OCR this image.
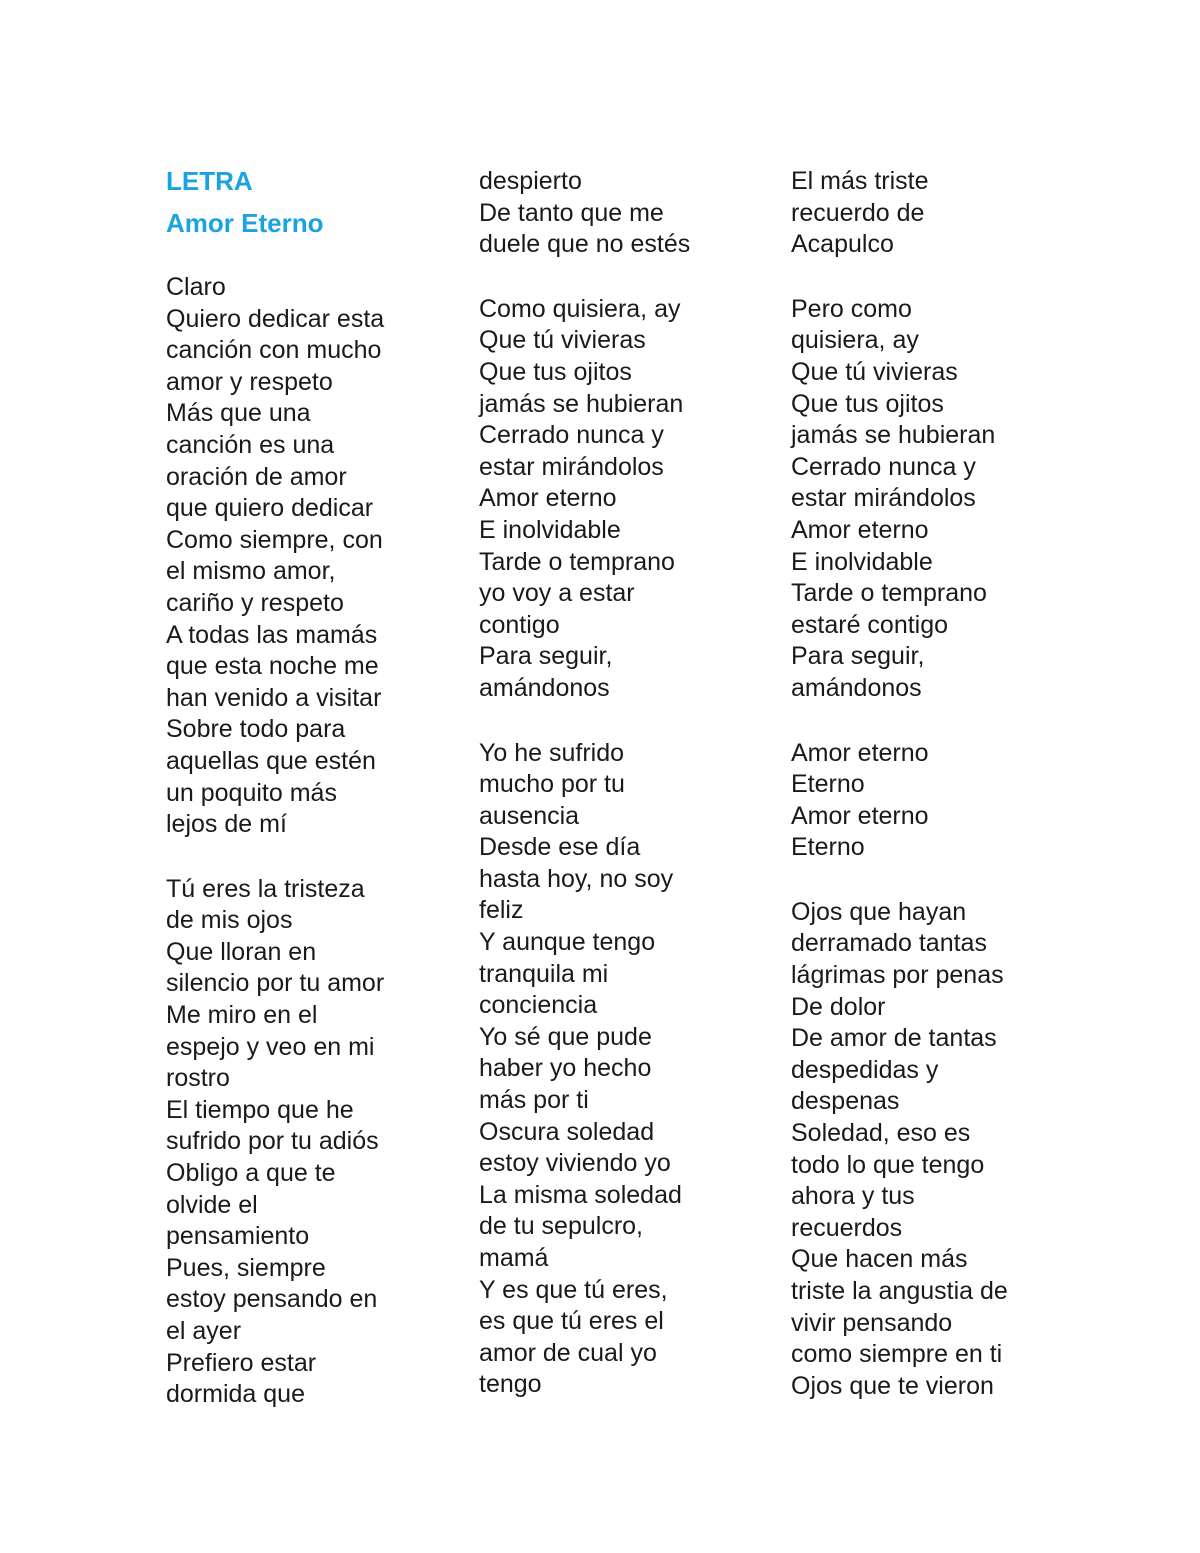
LETRA
Amor Eterno
Claro
Quiero dedicar esta
canción con mucho
amor y respeto
Más que una
canción es una
oración de amor
que quiero dedicar
Como siempre, con
el mismo amor,
cariño y respeto
A todas las mamás
que esta noche me
han venido a visitar
Sobre todo para
aquellas que estén
un poquito más
lejos de mí
Tú eres la tristeza
de mis ojos
Que lloran en
silencio por tu amor
Me miro en el
espejo y veo en mi
rostro
El tiempo que he
sufrido por tu adiós
Obligo a que te
olvide el
pensamiento
Pues, siempre
estoy pensando en
el ayer
Prefiero estar
dormida que
despierto
De tanto que me
duele que no estés
Como quisiera, ay
Que tú vivieras
Que tus ojitos
jamás se hubieran
Cerrado nunca y
estar mirándolos
Amor eterno
E inolvidable
Tarde o temprano
yo voy a estar
contigo
Para seguir,
amándonos
Yo he sufrido
mucho por tu
ausencia
Desde ese día
hasta hoy, no soy
feliz
Y aunque tengo
tranquila mi
conciencia
Yo sé que pude
haber yo hecho
más por ti
Oscura soledad
estoy viviendo yo
La misma soledad
de tu sepulcro,
mamá
Y es que tú eres,
es que tú eres el
amor de cual yo
tengo
El más triste
recuerdo de
Acapulco
Pero como
quisiera, ay
Que tú vivieras
Que tus ojitos
jamás se hubieran
Cerrado nunca y
estar mirándolos
Amor eterno
E inolvidable
Tarde o temprano
estaré contigo
Para seguir,
amándonos
Amor eterno
Eterno
Amor eterno
Eterno
Ojos que hayan
derramado tantas
lágrimas por penas
De dolor
De amor de tantas
despedidas y
despenas
Soledad, eso es
todo lo que tengo
ahora y tus
recuerdos
Que hacen más
triste la angustia de
vivir pensando
como siempre en ti
Ojos que te vieron
